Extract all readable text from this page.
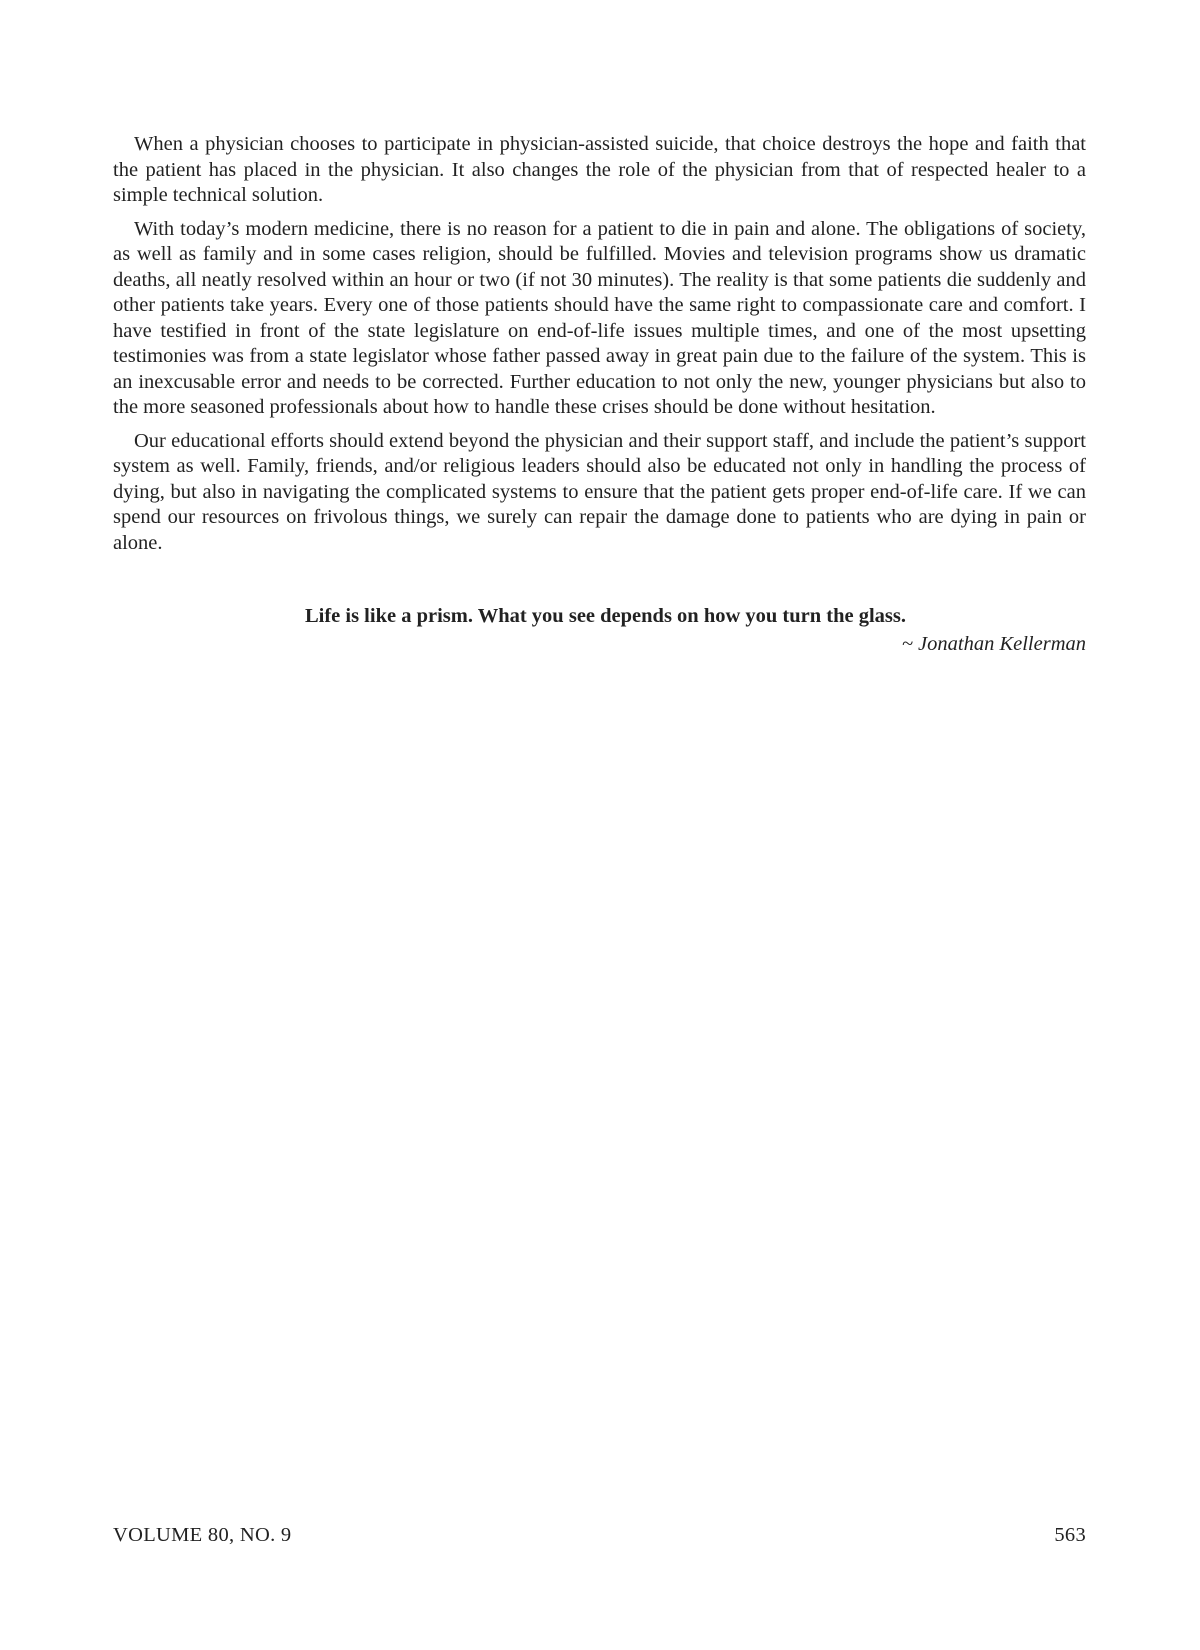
When a physician chooses to participate in physician-assisted suicide, that choice destroys the hope and faith that the patient has placed in the physician. It also changes the role of the physician from that of respected healer to a simple technical solution.

With today’s modern medicine, there is no reason for a patient to die in pain and alone. The obligations of society, as well as family and in some cases religion, should be fulfilled. Movies and television programs show us dramatic deaths, all neatly resolved within an hour or two (if not 30 minutes). The reality is that some patients die suddenly and other patients take years. Every one of those patients should have the same right to compassionate care and comfort. I have testified in front of the state legislature on end-of-life issues multiple times, and one of the most upsetting testimonies was from a state legislator whose father passed away in great pain due to the failure of the system. This is an inexcusable error and needs to be corrected. Further education to not only the new, younger physicians but also to the more seasoned professionals about how to handle these crises should be done without hesitation.

Our educational efforts should extend beyond the physician and their support staff, and include the patient’s support system as well. Family, friends, and/or religious leaders should also be educated not only in handling the process of dying, but also in navigating the complicated systems to ensure that the patient gets proper end-of-life care. If we can spend our resources on frivolous things, we surely can repair the damage done to patients who are dying in pain or alone.

Life is like a prism. What you see depends on how you turn the glass.
~ Jonathan Kellerman
VOLUME 80, NO. 9	563
